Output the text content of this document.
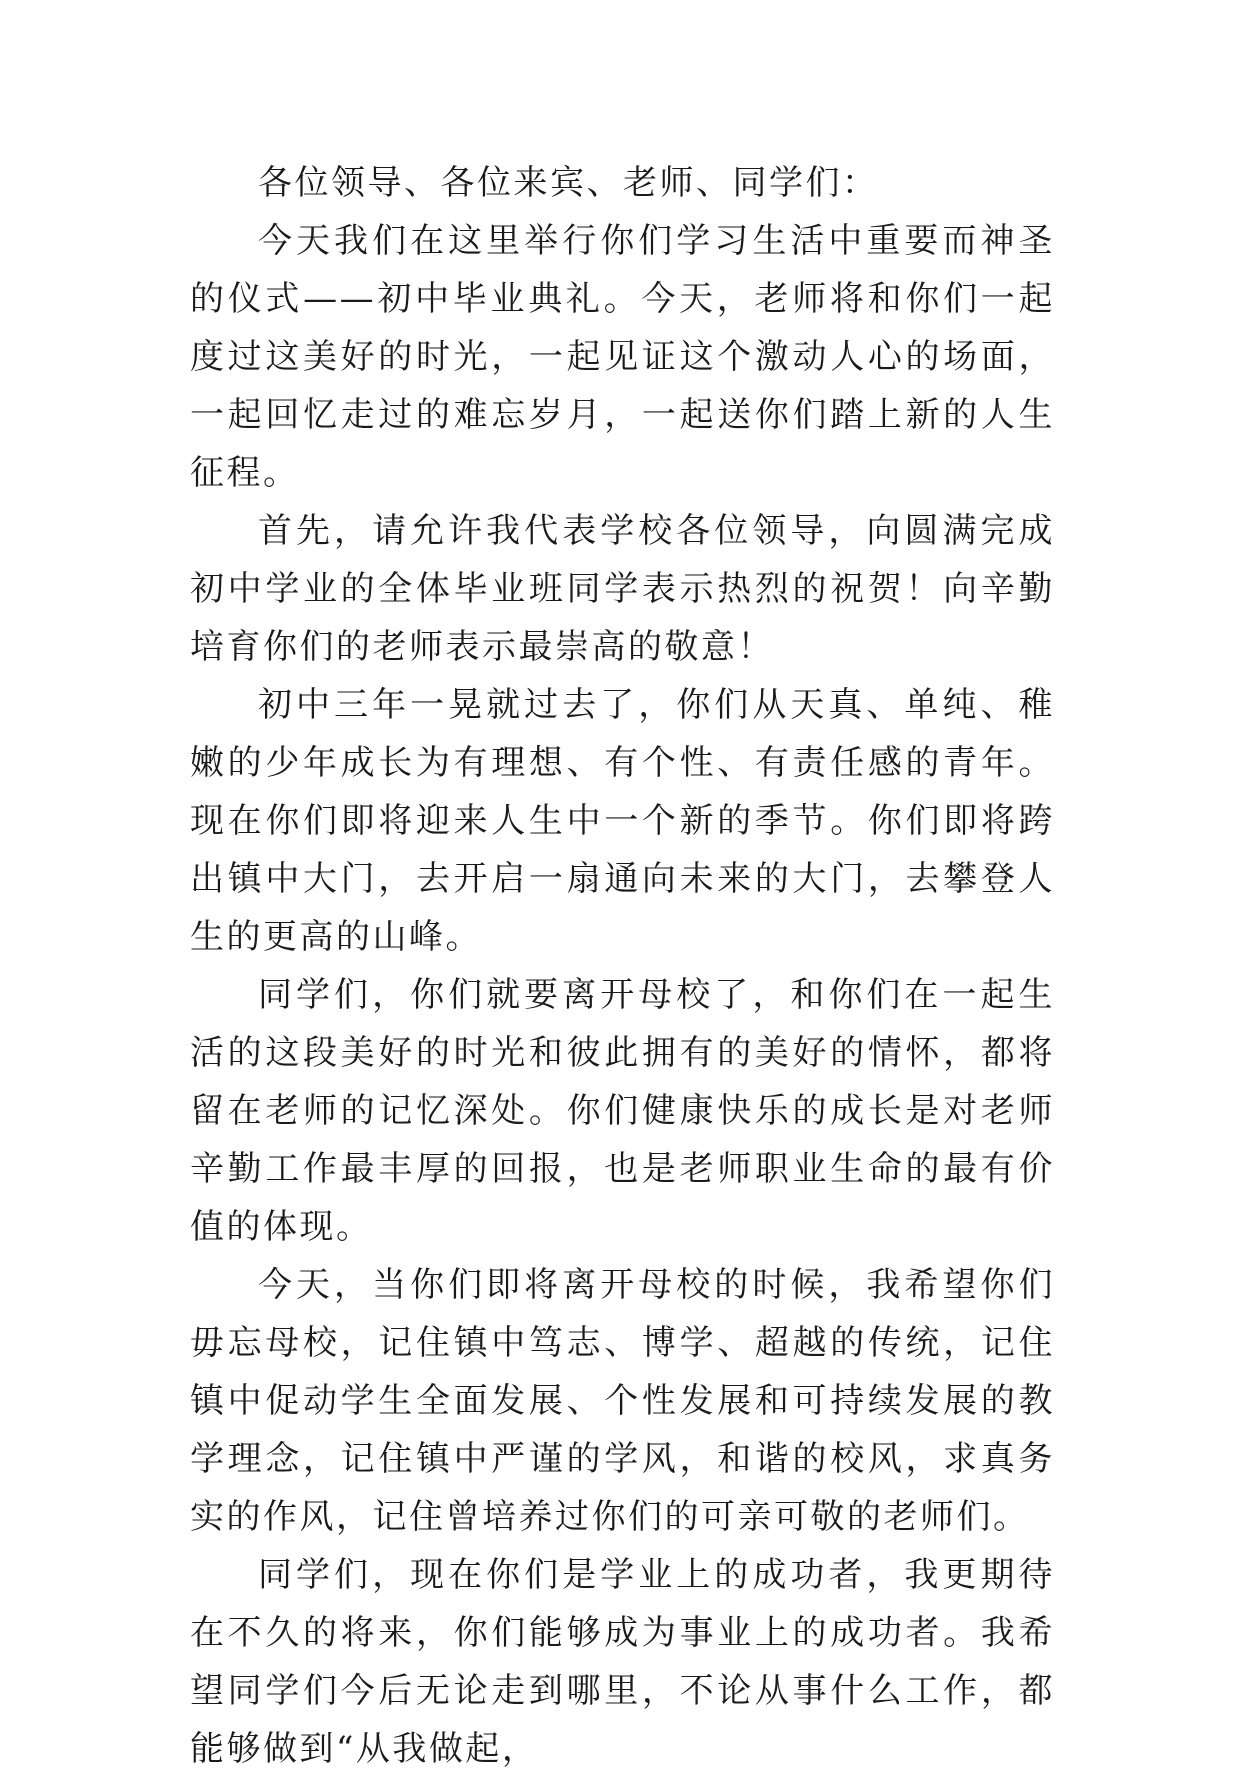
各位领导、各位来宾、老师、同学们：

今天我们在这里举行你们学习生活中重要而神圣的仪式——初中毕业典礼。今天，老师将和你们一起度过这美好的时光，一起见证这个激动人心的场面，一起回忆走过的难忘岁月，一起送你们踏上新的人生征程。

首先，请允许我代表学校各位领导，向圆满完成初中学业的全体毕业班同学表示热烈的祝贺！向辛勤培育你们的老师表示最崇高的敬意！

初中三年一晃就过去了，你们从天真、单纯、稚嫩的少年成长为有理想、有个性、有责任感的青年。现在你们即将迎来人生中一个新的季节。你们即将跨出镇中大门，去开启一扇通向未来的大门，去攀登人生的更高的山峰。

同学们，你们就要离开母校了，和你们在一起生活的这段美好的时光和彼此拥有的美好的情怀，都将留在老师的记忆深处。你们健康快乐的成长是对老师辛勤工作最丰厚的回报，也是老师职业生命的最有价值的体现。

今天，当你们即将离开母校的时候，我希望你们毋忘母校，记住镇中笃志、博学、超越的传统，记住镇中促动学生全面发展、个性发展和可持续发展的教学理念，记住镇中严谨的学风，和谐的校风，求真务实的作风，记住曾培养过你们的可亲可敬的老师们。

同学们，现在你们是学业上的成功者，我更期待在不久的将来，你们能够成为事业上的成功者。我希望同学们今后无论走到哪里，不论从事什么工作，都能够做到“从我做起，
